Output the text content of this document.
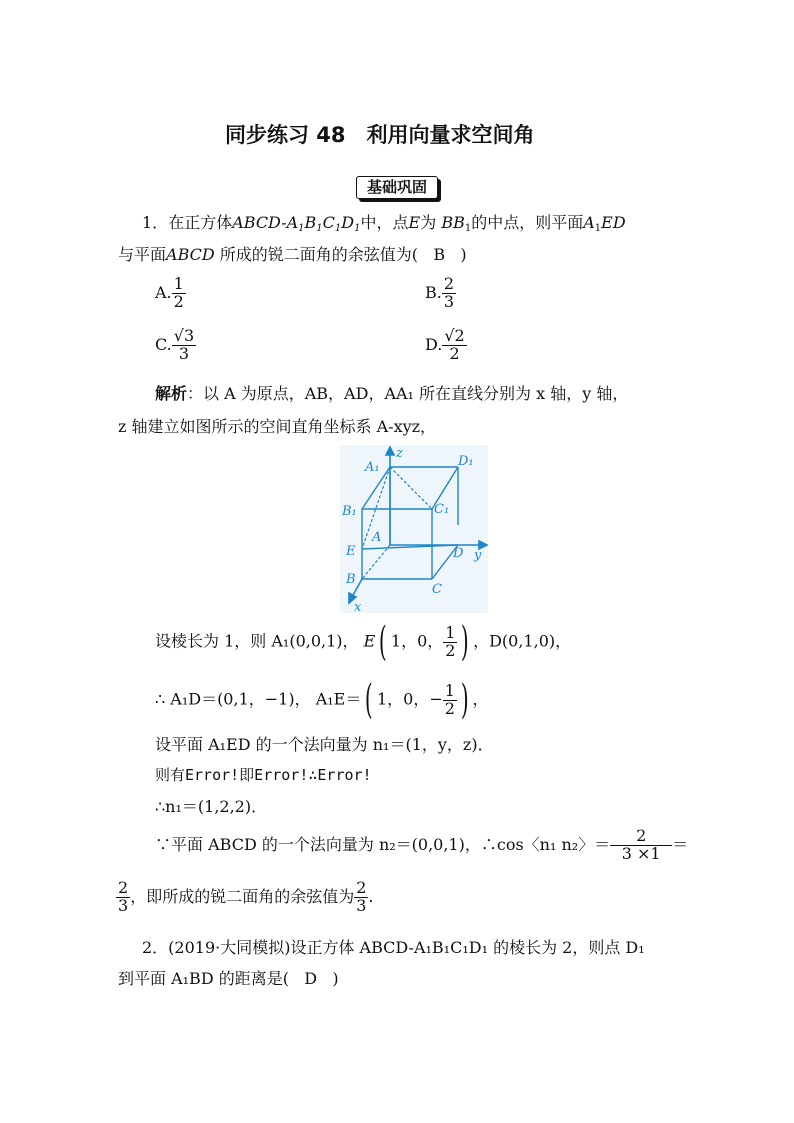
同步练习 48　利用向量求空间角
基础巩固
1．在正方体ABCD-$A_1B_1C_1D_1$中，点E为 $BB_1$的中点，则平面$A_1ED$
与平面ABCD 所成的锐二面角的余弦值为( B )
A. $\frac{1}{2}$	B. $\frac{2}{3}$
C. $\frac{√3}{3}$	D. $\frac{√2}{2}$
解析：以 A 为原点，AB，AD，AA₁ 所在直线分别为 x 轴，y 轴，
z 轴建立如图所示的空间直角坐标系 A-xyz，
z
y
x
A₁	D₁
B₁	C₁
A
D
E
B
C
设棱长为 1，则 A₁(0,0,1)， E( 1，0， $\frac{1}{2}$ ) ，D(0,1,0)，
∴ A₁D＝(0,1，−1)， A₁E＝( 1，0，− $\frac{1}{2}$ ) ，
设平面 A₁ED 的一个法向量为 n₁＝(1，y，z)．
则有Error!即Error!∴Error!
∴n₁＝(1,2,2)．
∵平面 ABCD 的一个法向量为 n₂＝(0,0,1)，∴cos〈n₁ n₂〉＝ $\frac{2}{3 \times 1}$ ＝
$\frac{2}{3}$ ，即所成的锐二面角的余弦值为 $\frac{2}{3}$ .
2．(2019·大同模拟)设正方体 ABCD-A₁B₁C₁D₁ 的棱长为 2，则点 D₁
到平面 A₁BD 的距离是( D )
